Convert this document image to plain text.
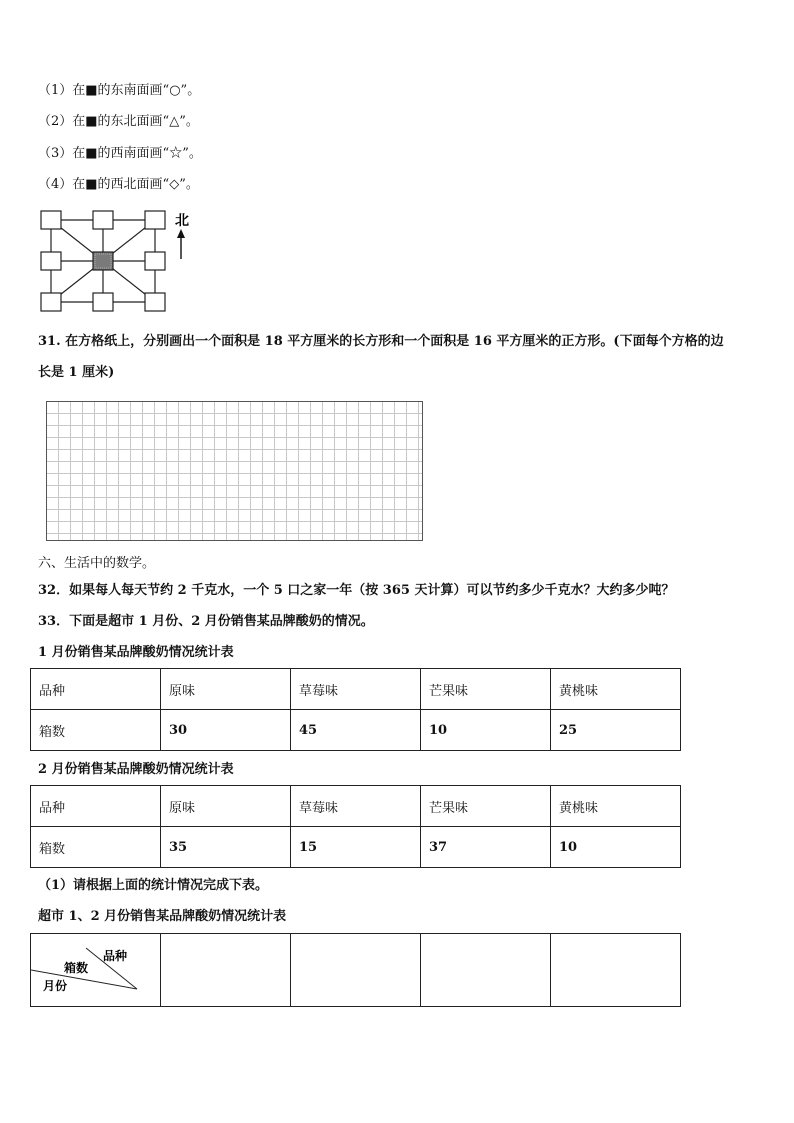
（1）在■的东南面画“○”。
（2）在■的东北面画“△”。
（3）在■的西南面画“☆”。
（4）在■的西北面画“◇”。
北
31. 在方格纸上，分别画出一个面积是 18 平方厘米的长方形和一个面积是 16 平方厘米的正方形。(下面每个方格的边
长是 1 厘米)
六、生活中的数学。
32．如果每人每天节约 2 千克水，一个 5 口之家一年（按 365 天计算）可以节约多少千克水？大约多少吨？
33．下面是超市 1 月份、2 月份销售某品牌酸奶的情况。
1 月份销售某品牌酸奶情况统计表
品种	原味	草莓味	芒果味	黄桃味
箱数	30	45	10	25
2 月份销售某品牌酸奶情况统计表
品种	原味	草莓味	芒果味	黄桃味
箱数	35	15	37	10
（1）请根据上面的统计情况完成下表。
超市 1、2 月份销售某品牌酸奶情况统计表
品种
箱数
月份
